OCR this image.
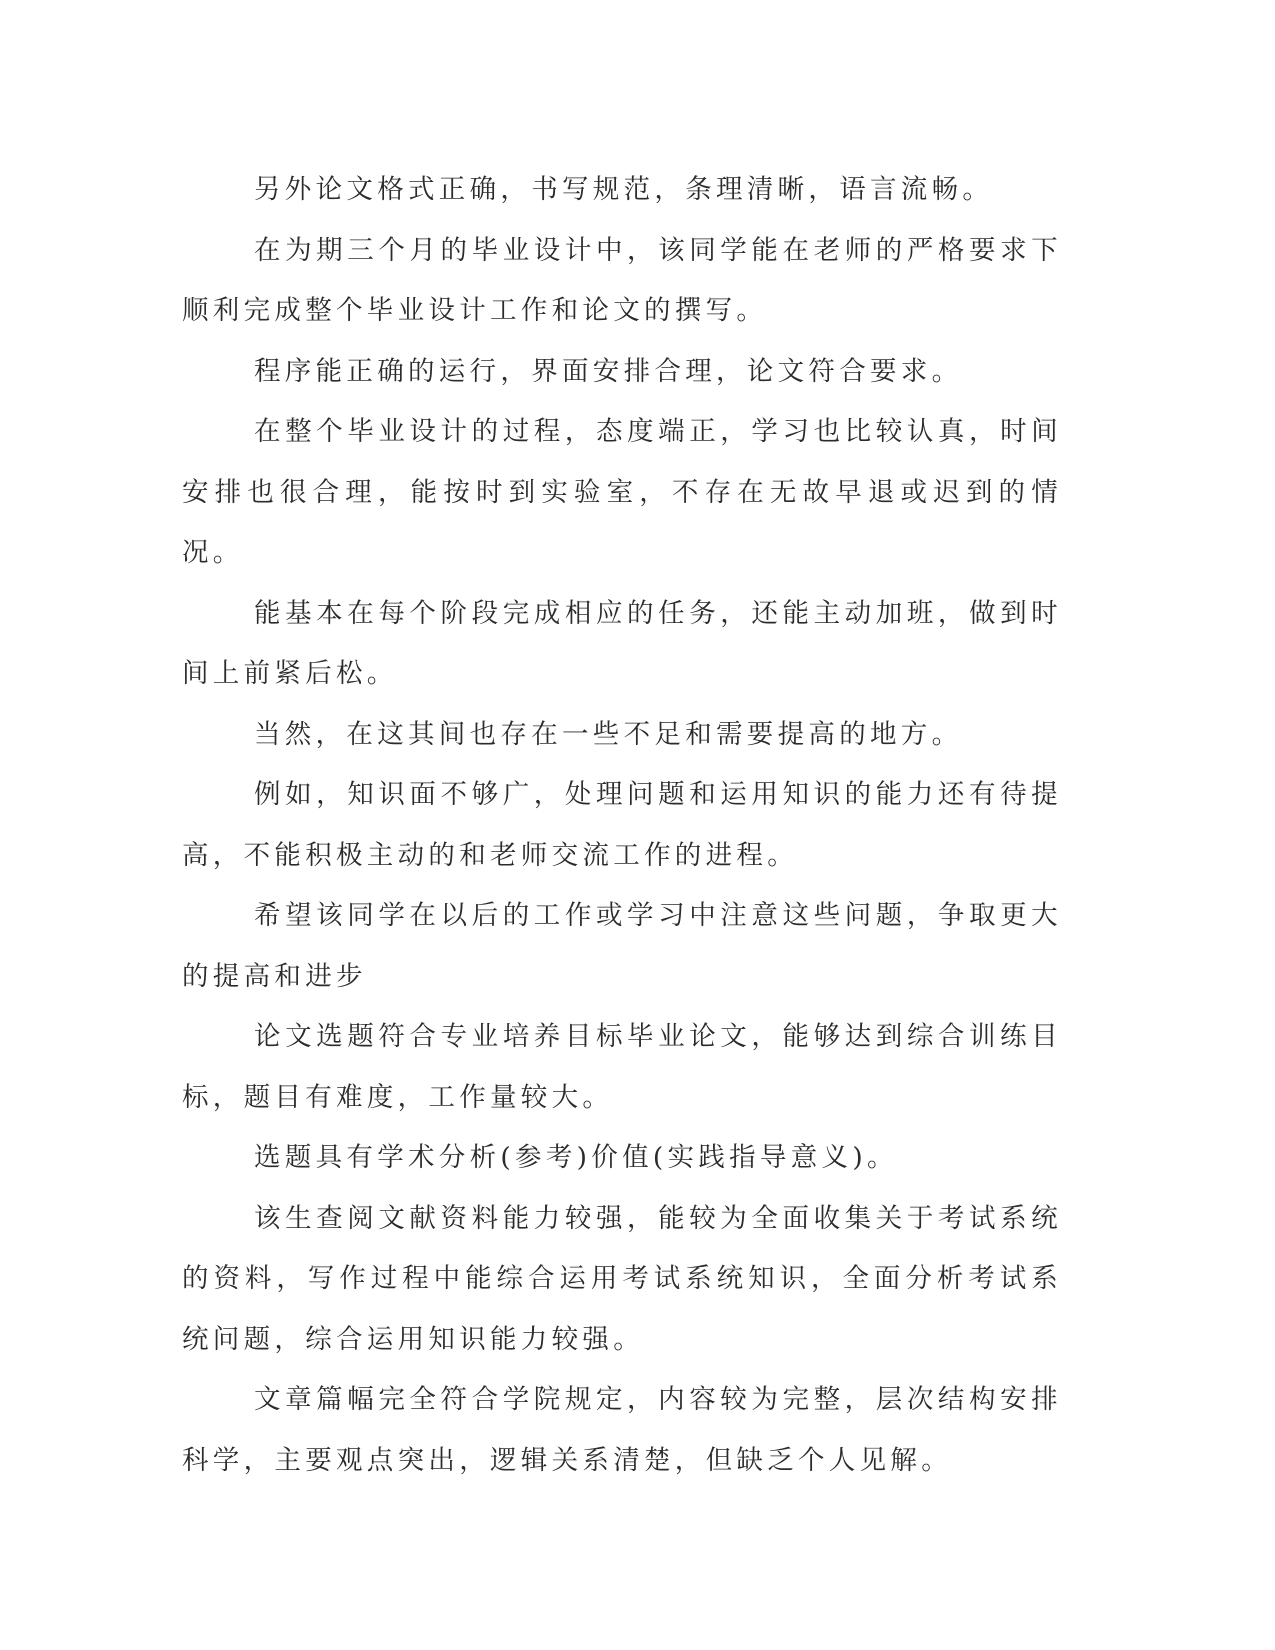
另外论文格式正确，书写规范，条理清晰，语言流畅。

在为期三个月的毕业设计中，该同学能在老师的严格要求下顺利完成整个毕业设计工作和论文的撰写。

程序能正确的运行，界面安排合理，论文符合要求。

在整个毕业设计的过程，态度端正，学习也比较认真，时间安排也很合理，能按时到实验室，不存在无故早退或迟到的情况。

能基本在每个阶段完成相应的任务，还能主动加班，做到时间上前紧后松。

当然，在这其间也存在一些不足和需要提高的地方。

例如，知识面不够广，处理问题和运用知识的能力还有待提高，不能积极主动的和老师交流工作的进程。

希望该同学在以后的工作或学习中注意这些问题，争取更大的提高和进步

论文选题符合专业培养目标毕业论文，能够达到综合训练目标，题目有难度，工作量较大。

选题具有学术分析(参考)价值(实践指导意义)。

该生查阅文献资料能力较强，能较为全面收集关于考试系统的资料，写作过程中能综合运用考试系统知识，全面分析考试系统问题，综合运用知识能力较强。

文章篇幅完全符合学院规定，内容较为完整，层次结构安排科学，主要观点突出，逻辑关系清楚，但缺乏个人见解。
